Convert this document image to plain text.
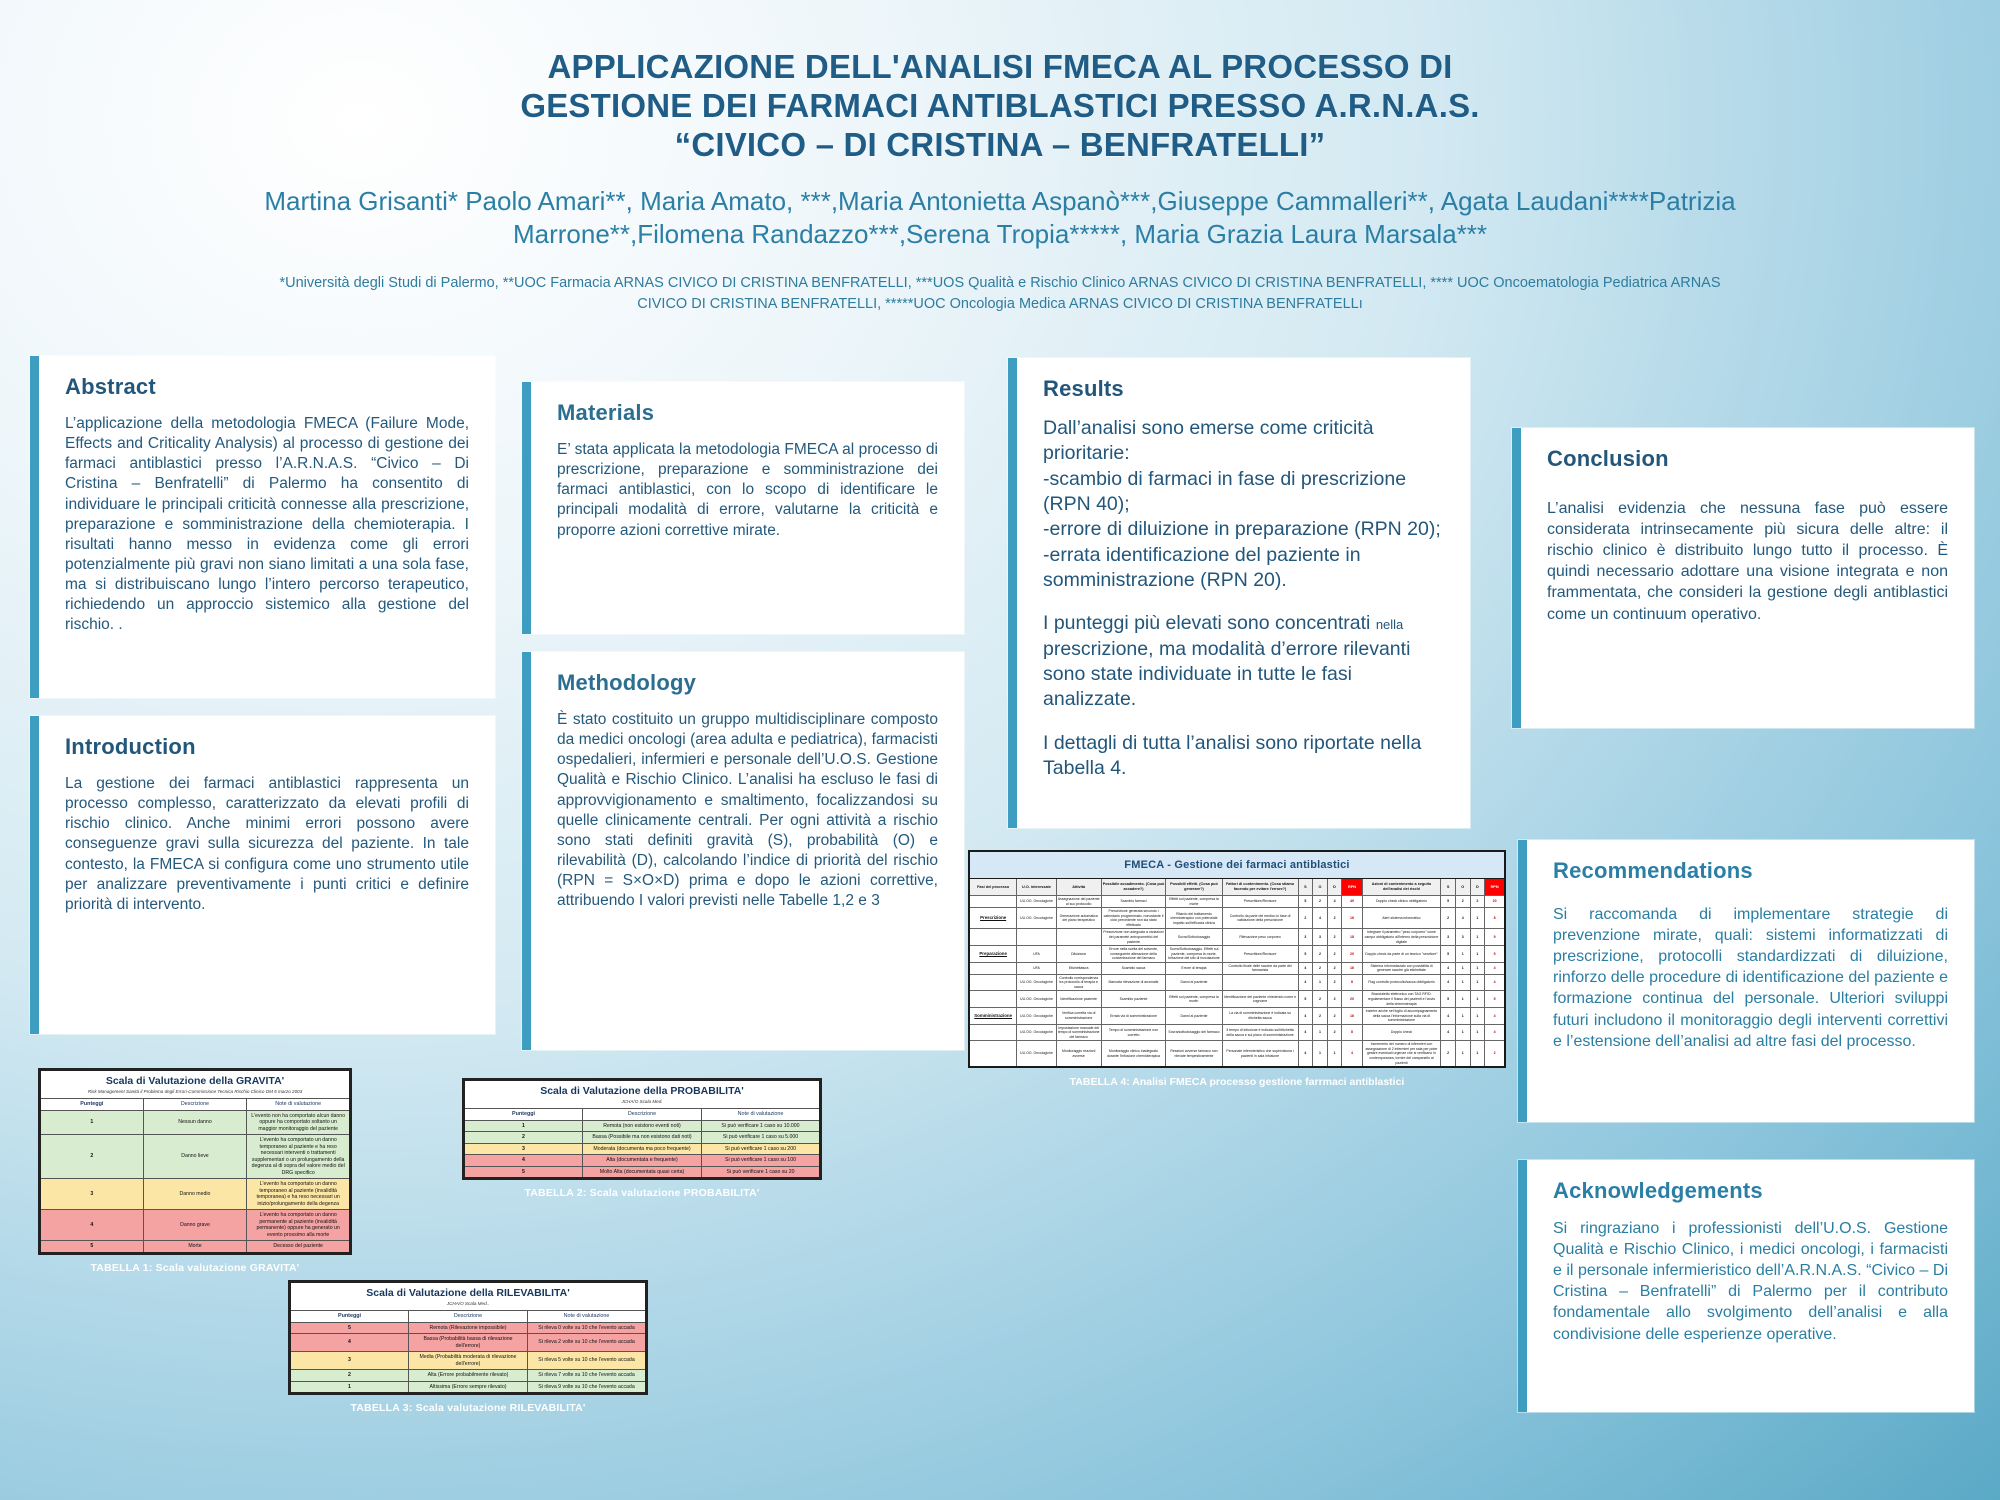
APPLICAZIONE DELL'ANALISI FMECA AL PROCESSO DI
GESTIONE DEI FARMACI ANTIBLASTICI PRESSO A.R.N.A.S.
“CIVICO – DI CRISTINA – BENFRATELLI”
Martina Grisanti* Paolo Amari**, Maria Amato, ***,Maria Antonietta Aspanò***,Giuseppe Cammalleri**, Agata Laudani****Patrizia
Marrone**,Filomena Randazzo***,Serena Tropia*****, Maria Grazia Laura Marsala***
*Università degli Studi di Palermo, **UOC Farmacia ARNAS CIVICO DI CRISTINA BENFRATELLI, ***UOS Qualità e Rischio Clinico ARNAS CIVICO DI CRISTINA BENFRATELLI, **** UOC Oncoematologia Pediatrica ARNAS
CIVICO DI CRISTINA BENFRATELLI, *****UOC Oncologia Medica ARNAS CIVICO DI CRISTINA BENFRATELLı
Abstract

L’applicazione della metodologia FMECA (Failure Mode, Effects and Criticality Analysis) al processo di gestione dei farmaci antiblastici presso l’A.R.N.A.S. “Civico – Di Cristina – Benfratelli” di Palermo ha consentito di individuare le principali criticità connesse alla prescrizione, preparazione e somministrazione della chemioterapia. I risultati hanno messo in evidenza come gli errori potenzialmente più gravi non siano limitati a una sola fase, ma si distribuiscano lungo l’intero percorso terapeutico, richiedendo un approccio sistemico alla gestione del rischio. .

Introduction

La gestione dei farmaci antiblastici rappresenta un processo complesso, caratterizzato da elevati profili di rischio clinico. Anche minimi errori possono avere conseguenze gravi sulla sicurezza del paziente. In tale contesto, la FMECA si configura come uno strumento utile per analizzare preventivamente i punti critici e definire priorità di intervento.

Materials

E’ stata applicata la metodologia FMECA al processo di prescrizione, preparazione e somministrazione dei farmaci antiblastici, con lo scopo di identificare le principali modalità di errore, valutarne la criticità e proporre azioni correttive mirate.

Methodology

È stato costituito un gruppo multidisciplinare composto da medici oncologi (area adulta e pediatrica), farmacisti ospedalieri, infermieri e personale dell’U.O.S. Gestione Qualità e Rischio Clinico. L’analisi ha escluso le fasi di approvvigionamento e smaltimento, focalizzandosi su quelle clinicamente centrali. Per ogni attività a rischio sono stati definiti gravità (S), probabilità (O) e rilevabilità (D), calcolando l’indice di priorità del rischio (RPN = S×O×D) prima e dopo le azioni correttive, attribuendo I valori previsti nelle Tabelle 1,2 e 3

Results

Dall’analisi sono emerse come criticità prioritarie:
-scambio di farmaci in fase di prescrizione (RPN 40);
-errore di diluizione in preparazione (RPN 20);
-errata identificazione del paziente in somministrazione (RPN 20).

I punteggi più elevati sono concentrati nella prescrizione, ma modalità d’errore rilevanti sono state individuate in tutte le fasi analizzate.

I dettagli di tutta l’analisi sono riportate nella Tabella 4.

Conclusion

L’analisi evidenzia che nessuna fase può essere considerata intrinsecamente più sicura delle altre: il rischio clinico è distribuito lungo tutto il processo. È quindi necessario adottare una visione integrata e non frammentata, che consideri la gestione degli antiblastici come un continuum operativo.

Recommendations

Si raccomanda di implementare strategie di prevenzione mirate, quali: sistemi informatizzati di prescrizione, protocolli standardizzati di diluizione, rinforzo delle procedure di identificazione del paziente e formazione continua del personale. Ulteriori sviluppi futuri includono il monitoraggio degli interventi correttivi e l’estensione dell’analisi ad altre fasi del processo.

Acknowledgements

Si ringraziano i professionisti dell’U.O.S. Gestione Qualità e Rischio Clinico, i medici oncologi, i farmacisti e il personale infermieristico dell’A.R.N.A.S. “Civico – Di Cristina – Benfratelli” di Palermo per il contributo fondamentale allo svolgimento dell’analisi e alla condivisione delle esperienze operative.

Scala di Valutazione della GRAVITA'		
Risk Management Sanità il Problema degli Errori-Commissione Tecnica Rischio Clinico DM 5 marzo 2003		
Punteggi	Descrizione	Note di valutazione
1	Nessun danno	L'evento non ha comportato alcun danno oppure ha comportato soltanto un maggior monitoraggio del paziente
2	Danno lieve	L'evento ha comportato un danno temporaneo al paziente e ha reso necessari interventi o trattamenti supplementari o un prolungamento della degenza al di sopra del valore medio del DRG specifico
3	Danno medio	L'evento ha comportato un danno temporaneo al paziente (invalidità temporanea) e ha reso necessari un inizio/prolungamento della degenza
4	Danno grave	L'evento ha comportato un danno permanente al paziente (invalidità permanente) oppure ha generato un evento prossimo alla morte
5	Morte	Decesso del paziente
TABELLA 1: Scala valutazione GRAVITA'
Scala di Valutazione della PROBABILITA'		
JCHA/O Scala Med.		
Punteggi	Descrizione	Note di valutazione
1	Remota (non esistono eventi noti)	Si può verificare 1 caso su 10.000
2	Bassa (Possibile ma non esistono dati noti)	Si può verificare 1 caso su 5.000
3	Moderata (documenta ma poco frequente)	Si può verificare 1 caso su 200
4	Alta (documentata e frequente)	Si può verificare 1 caso su 100
5	Molto Alta (documentata quasi certa)	Si può verificare 1 caso su 20
TABELLA 2: Scala valutazione PROBABILITA'
Scala di Valutazione della RILEVABILITA'		
JCHA/O Scala Med..		
Punteggi	Descrizione	Note di valutazione
5	Remota (Rilevazione impossibile)	Si rileva 0 volte su 10 che l'evento accada
4	Bassa (Probabilità bassa di rilevazione dell'errore)	Si rileva 2 volte su 10 che l'evento accada
3	Media (Probabilità moderata di rilevazione dell'errore)	Si rileva 5 volte su 10 che l'evento accada
2	Alta (Errore probabilmente rilevato)	Si rileva 7 volte su 10 che l'evento accada
1	Altissima (Errore sempre rilevato)	Si rileva 9 volte su 10 che l'evento accada
TABELLA 3: Scala valutazione RILEVABILITA'
FMECA - Gestione dei farmaci antiblastici														
Fasi del processo	U.O. interessate	Attività	Possibile accadimento. (Cosa può accadere?)	Possibili effetti. (Cosa può generare?)	Fattori di contenimento. (Cosa stiamo facendo per evitare l'errore?)	S	O	D	RPN	Azioni di contenimento a seguito dell'analisi dei rischi	S	O	D	RPN
	UU.OO. Oncologiche	Assegnazione del paziente al suo protocollo	Scambio farmaci	Effetti sul paziente, compresa la morte	Prescrittore/Revisore	5	2	4	40	Doppio check clinico obbligatorio	5	2	2	20
Prescrizione	UU.OO. Oncologiche	Generazione automatica del piano terapeutico	Prescrizione generata secondo i calendario programmato, nonostante il ciclo precedente non sia stato effettuato	Ritardo del trattamento chemioterapico con potenziale impatto sull'efficacia clinica	Controllo da parte del medico in fase di validazione della prescrizione	2	4	2	16	Alert sistema informatico	2	4	1	8
			Prescrizione non adeguata a variazioni dei parametri antropometrici del paziente	Sovra/Sottodosaggio	Rilevazione peso corporeo	3	3	2	18	Integrare il parametro "peso corporeo" come campo obbligatorio all'interno della prescrizione digitale	3	3	1	9
Preparazione	UFA	Diluizione	Errore nella scelta del solvente, conseguente alterazione della concentrazione del farmaco	Sovra/Sottodosaggio. Effetti sul paziente, compresa la morte. Irritazione del sito di inoculazione	Prescrittore/Revisore	5	2	2	20	Doppio check da parte di un tecnico "servitore"	5	1	1	5
	UFA	Etichettatura	Scambio sacca	Errore di terapia	Controllo finale delle sacche da parte del farmacista	4	2	2	16	Sistema informatizzato con possibilità di generare sacche già etichettate	4	1	1	4
	UU.OO. Oncologiche	Controllo corrispondenza tra protocollo di terapia e sacca	Mancata rilevazione di anomalie	Danni al paziente		4	1	2	8	Flag controllo protocollo/sacca obbligatorio	4	1	1	4
	UU.OO. Oncologiche	Identificazione paziente	Scambio paziente	Effetti sul paziente, compresa la morte.	Identificazione del paziente chiedendo nome e cognome	5	2	2	20	Braccialetto elettronico con TAG RFID: regolamentare il flusso dei pazienti e l'avvio della chemioterapia	5	1	1	5
Somministrazione	UU.OO. Oncologiche	Verifica corretta via di somministrazione	Errata via di somministrazione	Danni al paziente	La via di somministrazione è indicata su etichetta sacca	4	2	2	16	Inserire anche nel foglio di accompagnamento della sacca l'informazione sulla via di somministrazione	4	1	1	4
	UU.OO. Oncologiche	Impostazione manuale del tempo di somministrazione del farmaco	Tempo di somministrazione non corretto	Sovra/sottodosaggio del farmaco	Il tempo di infusione è indicato sull'etichetta della sacca e sul piano di somministrazione	4	1	2	8	Doppio check	4	1	1	4
	UU.OO. Oncologiche	Monitoraggio reazioni avverse	Monitoraggio clinico inadeguato durante l'infusione chemioterapica	Reazioni avverse farmaco non rilevate tempestivamente	Personale infermieristico che supervisiona i pazienti in sala infusione	4	1	1	4	Incremento del numero di infermieri con assegnazione di 2 infermieri per sala per poter gestire eventuali urgenze che si verificano in contemporanea, tornire del campanello ai pazienti	2	1	1	2
TABELLA 4: Analisi FMECA processo gestione farrmaci antiblastici
